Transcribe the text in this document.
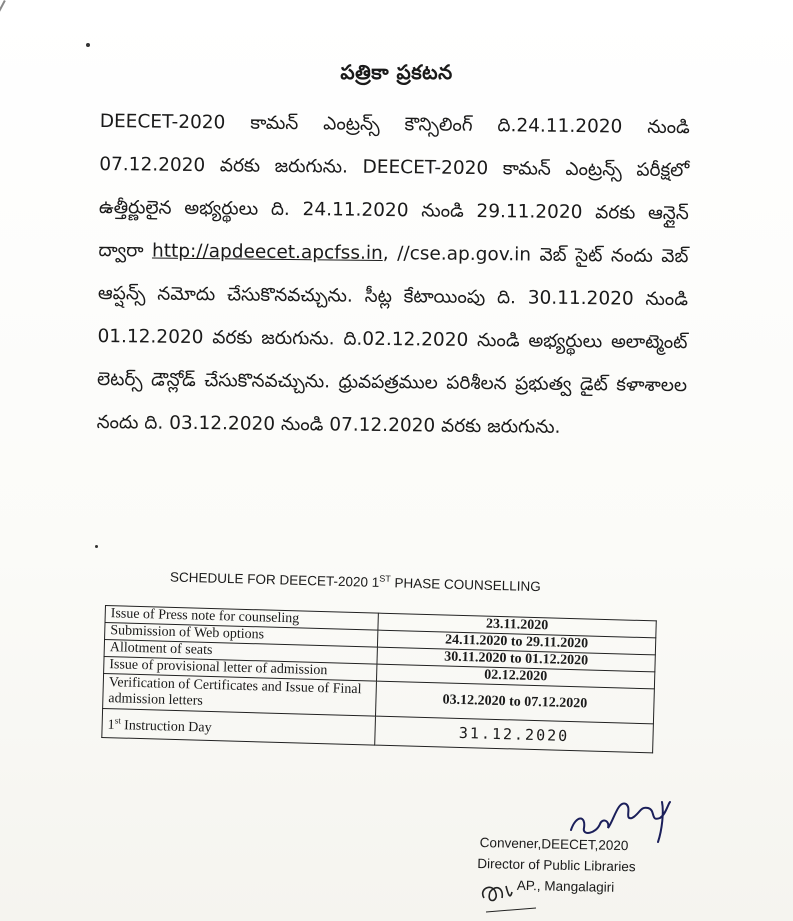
పత్రికా ప్రకటన
DEECET-2020 కామన్ ఎంట్రన్స్ కౌన్సిలింగ్ ది.24.11.2020 నుండి 07.12.2020 వరకు జరుగును. DEECET-2020 కామన్ ఎంట్రన్స్ పరీక్షలో ఉత్తీర్ణులైన అభ్యర్థులు ది. 24.11.2020 నుండి 29.11.2020 వరకు ఆన్లైన్ ద్వారా http://apdeecet.apcfss.in, //cse.ap.gov.in వెబ్ సైట్ నందు వెబ్ ఆప్షన్స్ నమోదు చేసుకొనవచ్చును. సీట్ల కేటాయింపు ది. 30.11.2020 నుండి 01.12.2020 వరకు జరుగును. ది.02.12.2020 నుండి అభ్యర్థులు అలాట్మెంట్ లెటర్స్ డౌన్లోడ్ చేసుకొనవచ్చును. ధ్రువపత్రముల పరిశీలన ప్రభుత్వ డైట్ కళాశాలల నందు ది. 03.12.2020 నుండి 07.12.2020 వరకు జరుగును.
SCHEDULE FOR DEECET-2020 1ST PHASE COUNSELLING
Issue of Press note for counseling	23.11.2020
Submission of Web options	24.11.2020 to 29.11.2020
Allotment of seats	30.11.2020 to 01.12.2020
Issue of provisional letter of admission	02.12.2020
Verification of Certificates and Issue of Final admission letters	03.12.2020 to 07.12.2020
1st Instruction Day	31.12.2020
Convener,DEECET,2020
Director of Public Libraries
AP., Mangalagiri
